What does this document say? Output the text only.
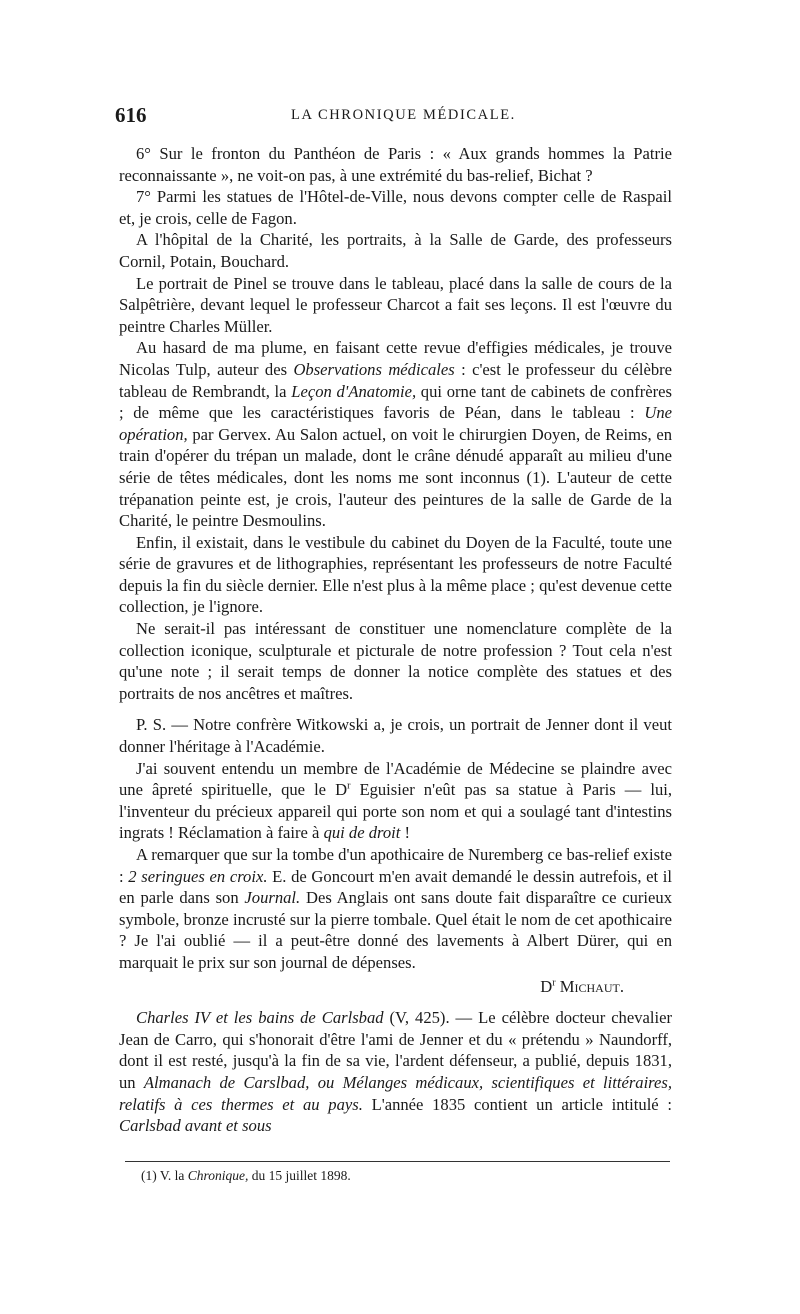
616	LA CHRONIQUE MÉDICALE.

6° Sur le fronton du Panthéon de Paris : « Aux grands hommes la Patrie reconnaissante », ne voit-on pas, à une extrémité du bas-relief, Bichat ?

7° Parmi les statues de l'Hôtel-de-Ville, nous devons compter celle de Raspail et, je crois, celle de Fagon.

A l'hôpital de la Charité, les portraits, à la Salle de Garde, des professeurs Cornil, Potain, Bouchard.

Le portrait de Pinel se trouve dans le tableau, placé dans la salle de cours de la Salpêtrière, devant lequel le professeur Charcot a fait ses leçons. Il est l'œuvre du peintre Charles Müller.

Au hasard de ma plume, en faisant cette revue d'effigies médicales, je trouve Nicolas Tulp, auteur des Observations médicales : c'est le professeur du célèbre tableau de Rembrandt, la Leçon d'Anatomie, qui orne tant de cabinets de confrères ; de même que les caractéristiques favoris de Péan, dans le tableau : Une opération, par Gervex. Au Salon actuel, on voit le chirurgien Doyen, de Reims, en train d'opérer du trépan un malade, dont le crâne dénudé apparaît au milieu d'une série de têtes médicales, dont les noms me sont inconnus (1). L'auteur de cette trépanation peinte est, je crois, l'auteur des peintures de la salle de Garde de la Charité, le peintre Desmoulins.

Enfin, il existait, dans le vestibule du cabinet du Doyen de la Faculté, toute une série de gravures et de lithographies, représentant les professeurs de notre Faculté depuis la fin du siècle dernier. Elle n'est plus à la même place ; qu'est devenue cette collection, je l'ignore.

Ne serait-il pas intéressant de constituer une nomenclature complète de la collection iconique, sculpturale et picturale de notre profession ? Tout cela n'est qu'une note ; il serait temps de donner la notice complète des statues et des portraits de nos ancêtres et maîtres.

P. S. — Notre confrère Witkowski a, je crois, un portrait de Jenner dont il veut donner l'héritage à l'Académie.

J'ai souvent entendu un membre de l'Académie de Médecine se plaindre avec une âpreté spirituelle, que le $D^r$ Eguisier n'eût pas sa statue à Paris — lui, l'inventeur du précieux appareil qui porte son nom et qui a soulagé tant d'intestins ingrats ! Réclamation à faire à qui de droit !

A remarquer que sur la tombe d'un apothicaire de Nuremberg ce bas-relief existe : 2 seringues en croix. E. de Goncourt m'en avait demandé le dessin autrefois, et il en parle dans son Journal. Des Anglais ont sans doute fait disparaître ce curieux symbole, bronze incrusté sur la pierre tombale. Quel était le nom de cet apothicaire ? Je l'ai oublié — il a peut-être donné des lavements à Albert Dürer, qui en marquait le prix sur son journal de dépenses.

$D^r$ Michaut.

Charles IV et les bains de Carlsbad (V, 425). — Le célèbre docteur chevalier Jean de Carro, qui s'honorait d'être l'ami de Jenner et du « prétendu » Naundorff, dont il est resté, jusqu'à la fin de sa vie, l'ardent défenseur, a publié, depuis 1831, un Almanach de Carslbad, ou Mélanges médicaux, scientifiques et littéraires, relatifs à ces thermes et au pays. L'année 1835 contient un article intitulé : Carlsbad avant et sous

(1) V. la Chronique, du 15 juillet 1898.
